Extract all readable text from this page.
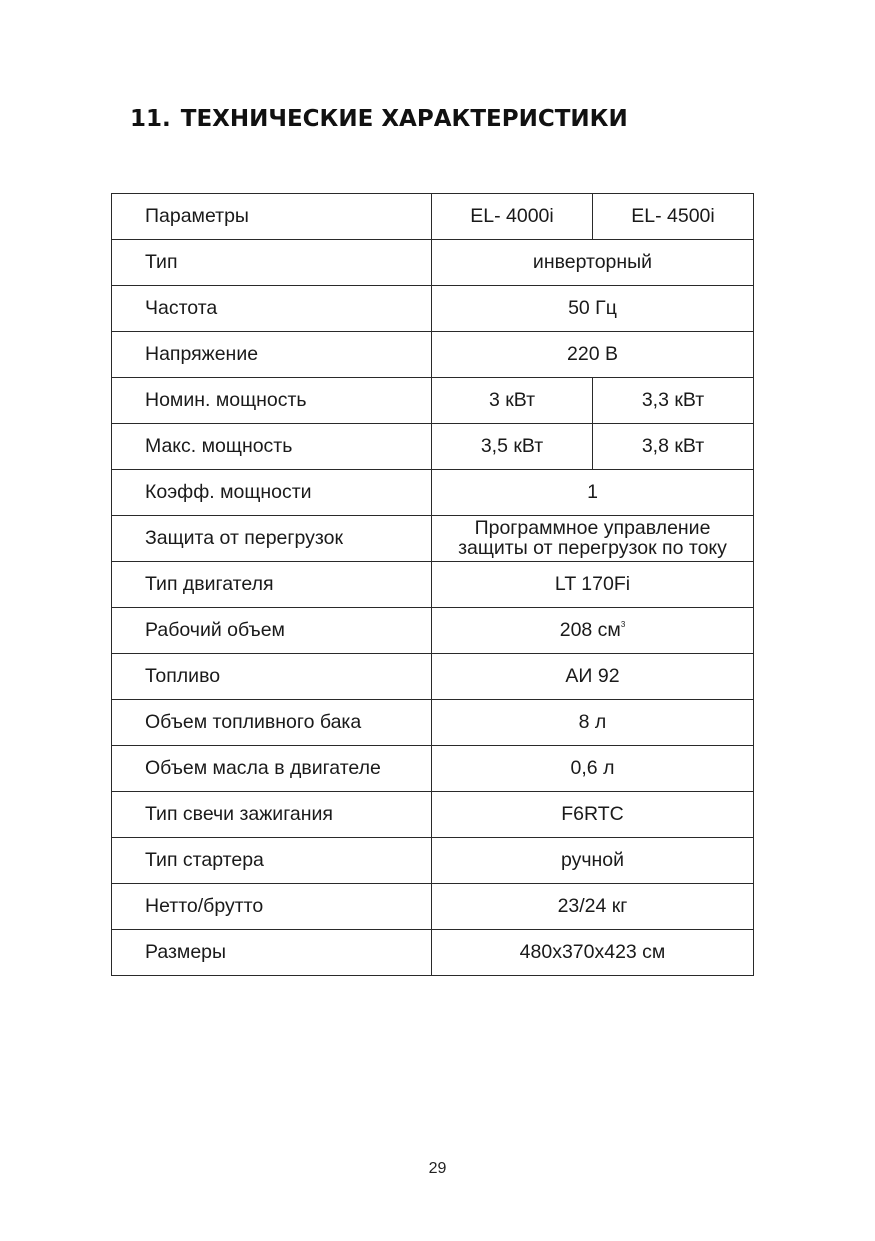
11. ТЕХНИЧЕСКИЕ ХАРАКТЕРИСТИКИ
Параметры	EL- 4000i	EL- 4500i
Тип	инверторный	
Частота	50 Гц	
Напряжение	220 В	
Номин. мощность	3 кВт	3,3 кВт
Макс. мощность	3,5 кВт	3,8 кВт
Коэфф. мощности	1	
Защита от перегрузок	Программное управление
защиты от перегрузок по току	
Тип двигателя	LT 170Fi	
Рабочий объем	208 $см^3$
Топливо	АИ 92	
Объем топливного бака	8 л	
Объем масла в двигателе	0,6 л	
Тип свечи зажигания	F6RTC	
Тип стартера	ручной	
Нетто/брутто	23/24 кг	
Размеры	480x370x423 см	
29
